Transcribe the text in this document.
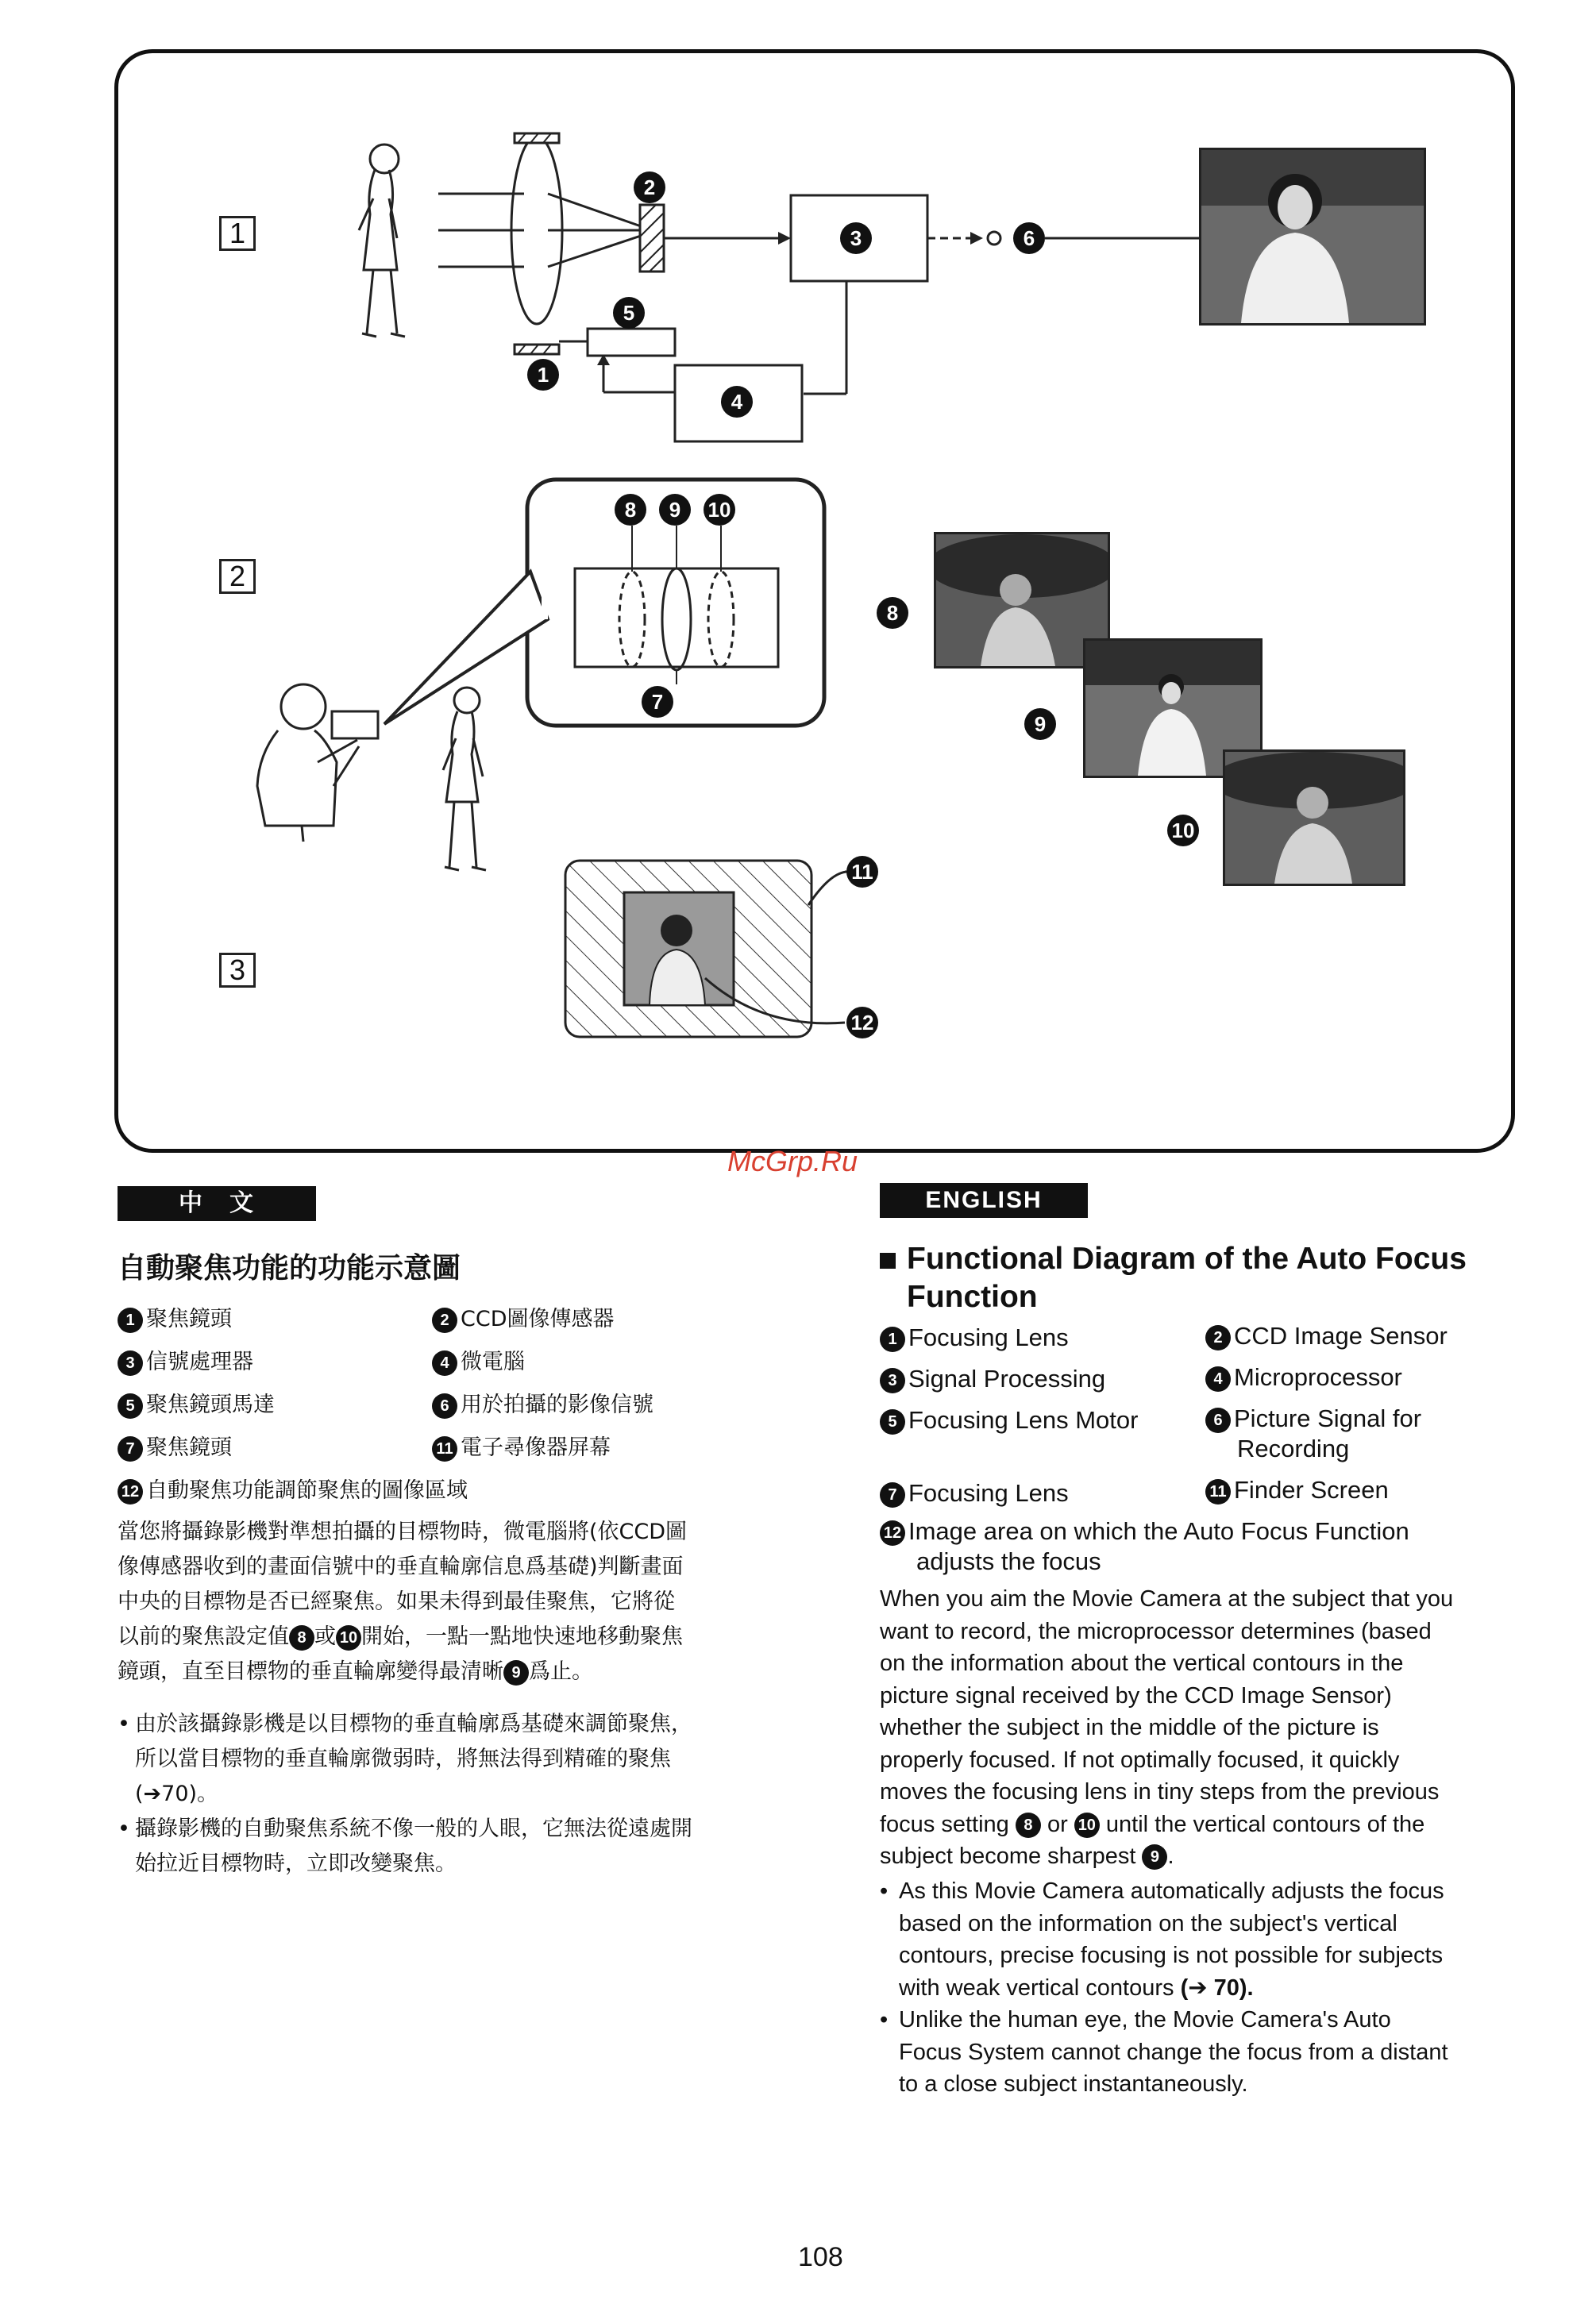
1
2
3
2
3	6
5
1
4
8	9	10
7
8
9
10
11
12
McGrp.Ru
中　文
自動聚焦功能的功能示意圖
1 聚焦鏡頭	2 CCD圖像傳感器
3 信號處理器	4 微電腦
5 聚焦鏡頭馬達	6 用於拍攝的影像信號
7 聚焦鏡頭	11 電子尋像器屏幕
12 自動聚焦功能調節聚焦的圖像區域
當您將攝錄影機對準想拍攝的目標物時，微電腦將(依CCD圖
像傳感器收到的畫面信號中的垂直輪廓信息爲基礎)判斷畫面
中央的目標物是否已經聚焦。如果未得到最佳聚焦，它將從
以前的聚焦設定值 8 或 10 開始，一點一點地快速地移動聚焦
鏡頭，直至目標物的垂直輪廓變得最清晰 9 爲止。
• 由於該攝錄影機是以目標物的垂直輪廓爲基礎來調節聚焦，
所以當目標物的垂直輪廓微弱時，將無法得到精確的聚焦
(➔70)。
• 攝錄影機的自動聚焦系統不像一般的人眼，它無法從遠處開
始拉近目標物時，立即改變聚焦。
ENGLISH
Functional Diagram of the Auto Focus
Function
1 Focusing Lens	2 CCD Image Sensor
3 Signal Processing	4 Microprocessor
5 Focusing Lens Motor	6 Picture Signal for
Recording
7 Focusing Lens	11 Finder Screen
12 Image area on which the Auto Focus Function
adjusts the focus
When you aim the Movie Camera at the subject that you
want to record, the microprocessor determines (based
on the information about the vertical contours in the
picture signal received by the CCD Image Sensor)
whether the subject in the middle of the picture is
properly focused. If not optimally focused, it quickly
moves the focusing lens in tiny steps from the previous
focus setting 8 or 10 until the vertical contours of the
subject become sharpest 9 .
• As this Movie Camera automatically adjusts the focus
based on the information on the subject's vertical
contours, precise focusing is not possible for subjects
with weak vertical contours (➔ 70).
• Unlike the human eye, the Movie Camera's Auto
Focus System cannot change the focus from a distant
to a close subject instantaneously.
108
